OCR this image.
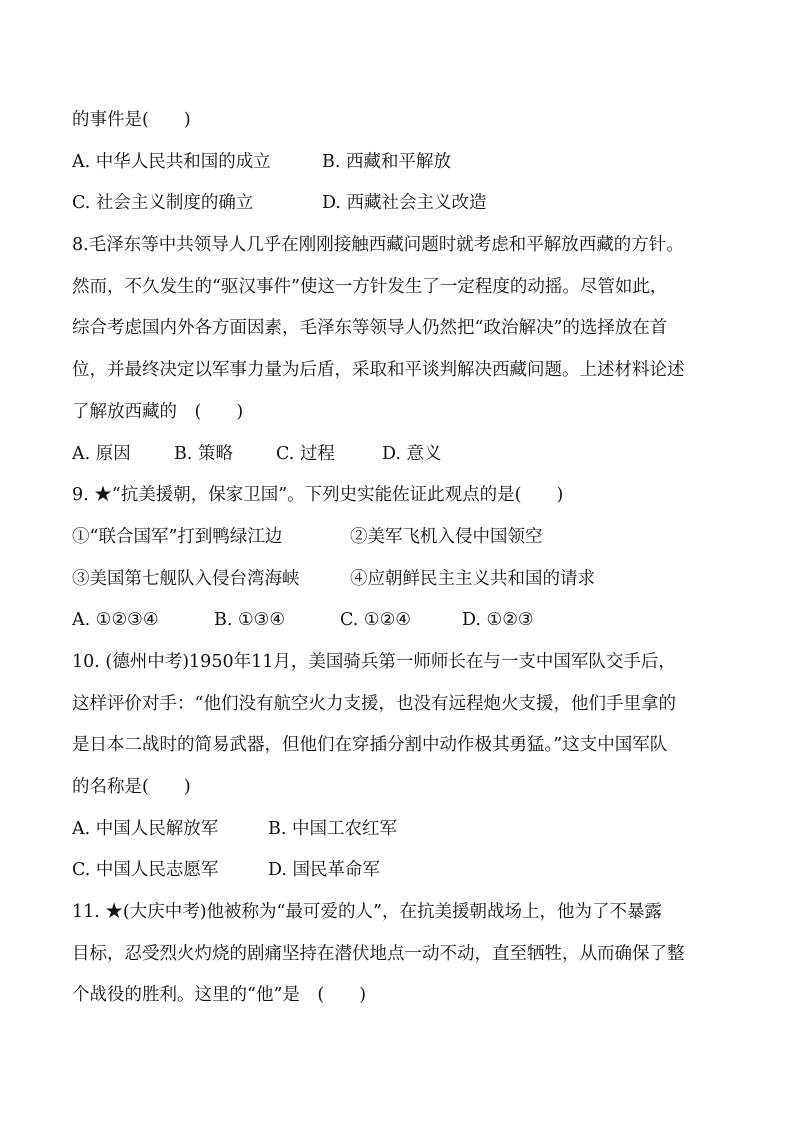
的事件是(　　)
A. 中华人民共和国的成立	B. 西藏和平解放
C. 社会主义制度的确立	D. 西藏社会主义改造
8.毛泽东等中共领导人几乎在刚刚接触西藏问题时就考虑和平解放西藏的方针。
然而，不久发生的“驱汉事件”使这一方针发生了一定程度的动摇。尽管如此，
综合考虑国内外各方面因素，毛泽东等领导人仍然把“政治解决”的选择放在首
位，并最终决定以军事力量为后盾，采取和平谈判解决西藏问题。上述材料论述
了解放西藏的　(　　)
A. 原因 B. 策略 C. 过程	D. 意义
9. ★“抗美援朝，保家卫国”。下列史实能佐证此观点的是(　　)
①“联合国军”打到鸭绿江边	②美军飞机入侵中国领空
③美国第七舰队入侵台湾海峡	④应朝鲜民主主义共和国的请求
A. ①②③④	B. ①③④	C. ①②④	D. ①②③
10. (德州中考)1950年11月，美国骑兵第一师师长在与一支中国军队交手后，
这样评价对手：“他们没有航空火力支援，也没有远程炮火支援，他们手里拿的
是日本二战时的简易武器，但他们在穿插分割中动作极其勇猛。”这支中国军队
的名称是(　　)
A. 中国人民解放军	B. 中国工农红军
C. 中国人民志愿军	D. 国民革命军
11. ★(大庆中考)他被称为“最可爱的人”，在抗美援朝战场上，他为了不暴露
目标，忍受烈火灼烧的剧痛坚持在潜伏地点一动不动，直至牺牲，从而确保了整
个战役的胜利。这里的“他”是　(　　)
